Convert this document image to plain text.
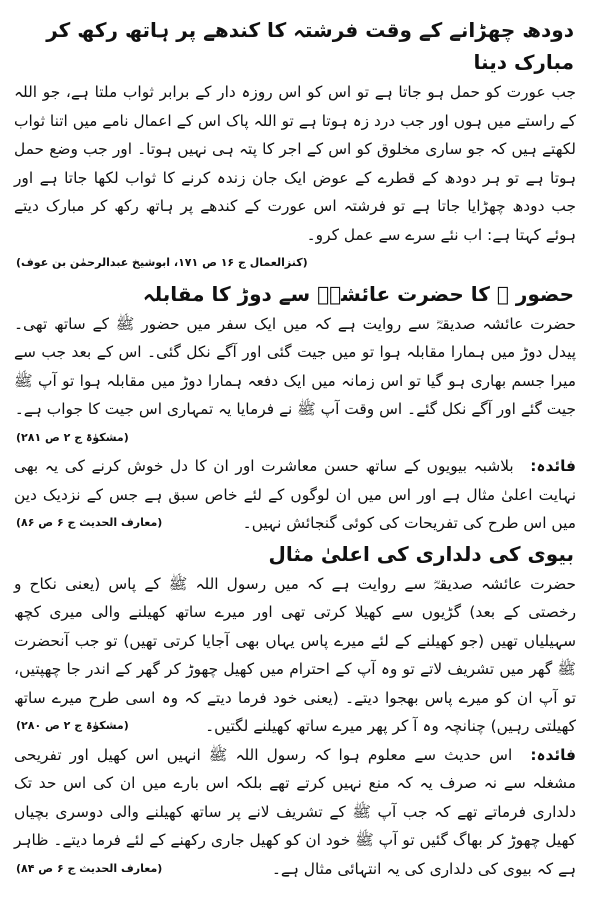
دودھ چھڑانے کے وقت فرشتہ کا کندھے پر ہاتھ رکھ کر مبارک دینا

جب عورت کو حمل ہو جاتا ہے تو اس کو اس روزہ دار کے برابر ثواب ملتا ہے، جو اللہ کے راستے میں ہوں اور جب درد زہ ہوتا ہے تو اللہ پاک اس کے اعمال نامے میں اتنا ثواب لکھتے ہیں کہ جو ساری مخلوق کو اس کے اجر کا پتہ ہی نہیں ہوتا۔ اور جب وضع حمل ہوتا ہے تو ہر دودھ کے قطرے کے عوض ایک جان زندہ کرنے کا ثواب لکھا جاتا ہے اور جب دودھ چھڑایا جاتا ہے تو فرشتہ اس عورت کے کندھے پر ہاتھ رکھ کر مبارک دیتے ہوئے کہتا ہے: اب نئے سرے سے عمل کرو۔
(کنزالعمال ج ۱۶ ص ۱۷۱، ابوشیخ عبدالرحمٰن بن عوف)

حضور ﷺ کا حضرت عائشہؓ سے دوڑ کا مقابلہ

حضرت عائشہ صدیقہؓ سے روایت ہے کہ میں ایک سفر میں حضور ﷺ کے ساتھ تھی۔ پیدل دوڑ میں ہمارا مقابلہ ہوا تو میں جیت گئی اور آگے نکل گئی۔ اس کے بعد جب سے میرا جسم بھاری ہو گیا تو اس زمانہ میں ایک دفعہ ہمارا دوڑ میں مقابلہ ہوا تو آپ ﷺ جیت گئے اور آگے نکل گئے۔ اس وقت آپ ﷺ نے فرمایا یہ تمہاری اس جیت کا جواب ہے۔
(مشکوٰۃ ج ۲ ص ۲۸۱)

فائدہ: بلاشبہ بیویوں کے ساتھ حسن معاشرت اور ان کا دل خوش کرنے کی یہ بھی نہایت اعلیٰ مثال ہے اور اس میں ان لوگوں کے لئے خاص سبق ہے جس کے نزدیک دین میں اس طرح کی تفریحات کی کوئی گنجائش نہیں۔
(معارف الحدیث ج ۶ ص ۸۶)

بیوی کی دلداری کی اعلیٰ مثال

حضرت عائشہ صدیقہؓ سے روایت ہے کہ میں رسول اللہ ﷺ کے پاس (یعنی نکاح و رخصتی کے بعد) گڑیوں سے کھیلا کرتی تھی اور میرے ساتھ کھیلنے والی میری کچھ سہیلیاں تھیں (جو کھیلنے کے لئے میرے پاس یہاں بھی آجایا کرتی تھیں) تو جب آنحضرت ﷺ گھر میں تشریف لاتے تو وہ آپ کے احترام میں کھیل چھوڑ کر گھر کے اندر جا چھپتیں، تو آپ ان کو میرے پاس بھجوا دیتے۔ (یعنی خود فرما دیتے کہ وہ اسی طرح میرے ساتھ کھیلتی رہیں) چنانچہ وہ آ کر پھر میرے ساتھ کھیلنے لگتیں۔
(مشکوٰۃ ج ۲ ص ۲۸۰)

فائدہ: اس حدیث سے معلوم ہوا کہ رسول اللہ ﷺ انہیں اس کھیل اور تفریحی مشغلہ سے نہ صرف یہ کہ منع نہیں کرتے تھے بلکہ اس بارے میں ان کی اس حد تک دلداری فرماتے تھے کہ جب آپ ﷺ کے تشریف لانے پر ساتھ کھیلنے والی دوسری بچیاں کھیل چھوڑ کر بھاگ گئیں تو آپ ﷺ خود ان کو کھیل جاری رکھنے کے لئے فرما دیتے۔ ظاہر ہے کہ بیوی کی دلداری کی یہ انتہائی مثال ہے۔
(معارف الحدیث ج ۶ ص ۸۴)
